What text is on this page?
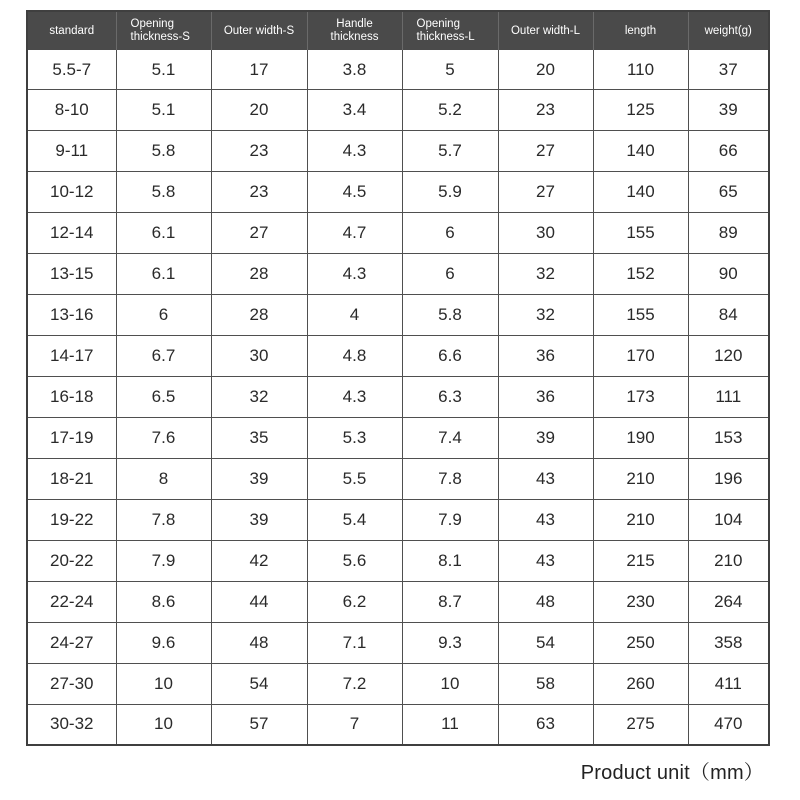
standard	Opening thickness-S	Outer width-S	Handle thickness	Opening thickness-L	Outer width-L	length	weight(g)
5.5-7	5.1	17	3.8	5	20	110	37
8-10	5.1	20	3.4	5.2	23	125	39
9-11	5.8	23	4.3	5.7	27	140	66
10-12	5.8	23	4.5	5.9	27	140	65
12-14	6.1	27	4.7	6	30	155	89
13-15	6.1	28	4.3	6	32	152	90
13-16	6	28	4	5.8	32	155	84
14-17	6.7	30	4.8	6.6	36	170	120
16-18	6.5	32	4.3	6.3	36	173	111
17-19	7.6	35	5.3	7.4	39	190	153
18-21	8	39	5.5	7.8	43	210	196
19-22	7.8	39	5.4	7.9	43	210	104
20-22	7.9	42	5.6	8.1	43	215	210
22-24	8.6	44	6.2	8.7	48	230	264
24-27	9.6	48	7.1	9.3	54	250	358
27-30	10	54	7.2	10	58	260	411
30-32	10	57	7	11	63	275	470
Product unit（mm）
